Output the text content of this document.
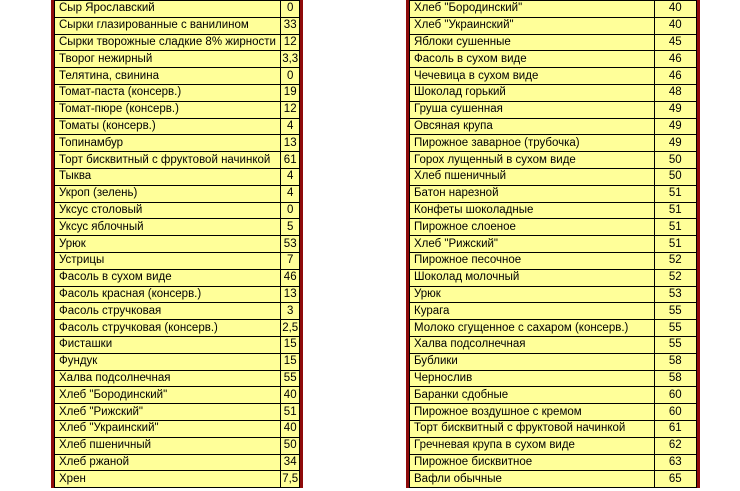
Сыр Ярославский	0
Сырки глазированные с ванилином	33
Сырки творожные сладкие 8% жирности	12
Творог нежирный	3,3
Телятина, свинина	0
Томат-паста (консерв.)	19
Томат-пюре (консерв.)	12
Томаты (консерв.)	4
Топинамбур	13
Торт бисквитный с фруктовой начинкой	61
Тыква	4
Укроп (зелень)	4
Уксус столовый	0
Уксус яблочный	5
Урюк	53
Устрицы	7
Фасоль в сухом виде	46
Фасоль красная (консерв.)	13
Фасоль стручковая	3
Фасоль стручковая (консерв.)	2,5
Фисташки	15
Фундук	15
Халва подсолнечная	55
Хлеб "Бородинский"	40
Хлеб "Рижский"	51
Хлеб "Украинский"	40
Хлеб пшеничный	50
Хлеб ржаной	34
Хрен	7,5
Хлеб "Бородинский"	40
Хлеб "Украинский"	40
Яблоки сушенные	45
Фасоль в сухом виде	46
Чечевица в сухом виде	46
Шоколад горький	48
Груша сушенная	49
Овсяная крупа	49
Пирожное заварное (трубочка)	49
Горох лущенный в сухом виде	50
Хлеб пшеничный	50
Батон нарезной	51
Конфеты шоколадные	51
Пирожное слоеное	51
Хлеб "Рижский"	51
Пирожное песочное	52
Шоколад молочный	52
Урюк	53
Курага	55
Молоко сгущенное с сахаром (консерв.)	55
Халва подсолнечная	55
Бублики	58
Чернослив	58
Баранки сдобные	60
Пирожное воздушное с кремом	60
Торт бисквитный с фруктовой начинкой	61
Гречневая крупа в сухом виде	62
Пирожное бисквитное	63
Вафли обычные	65
